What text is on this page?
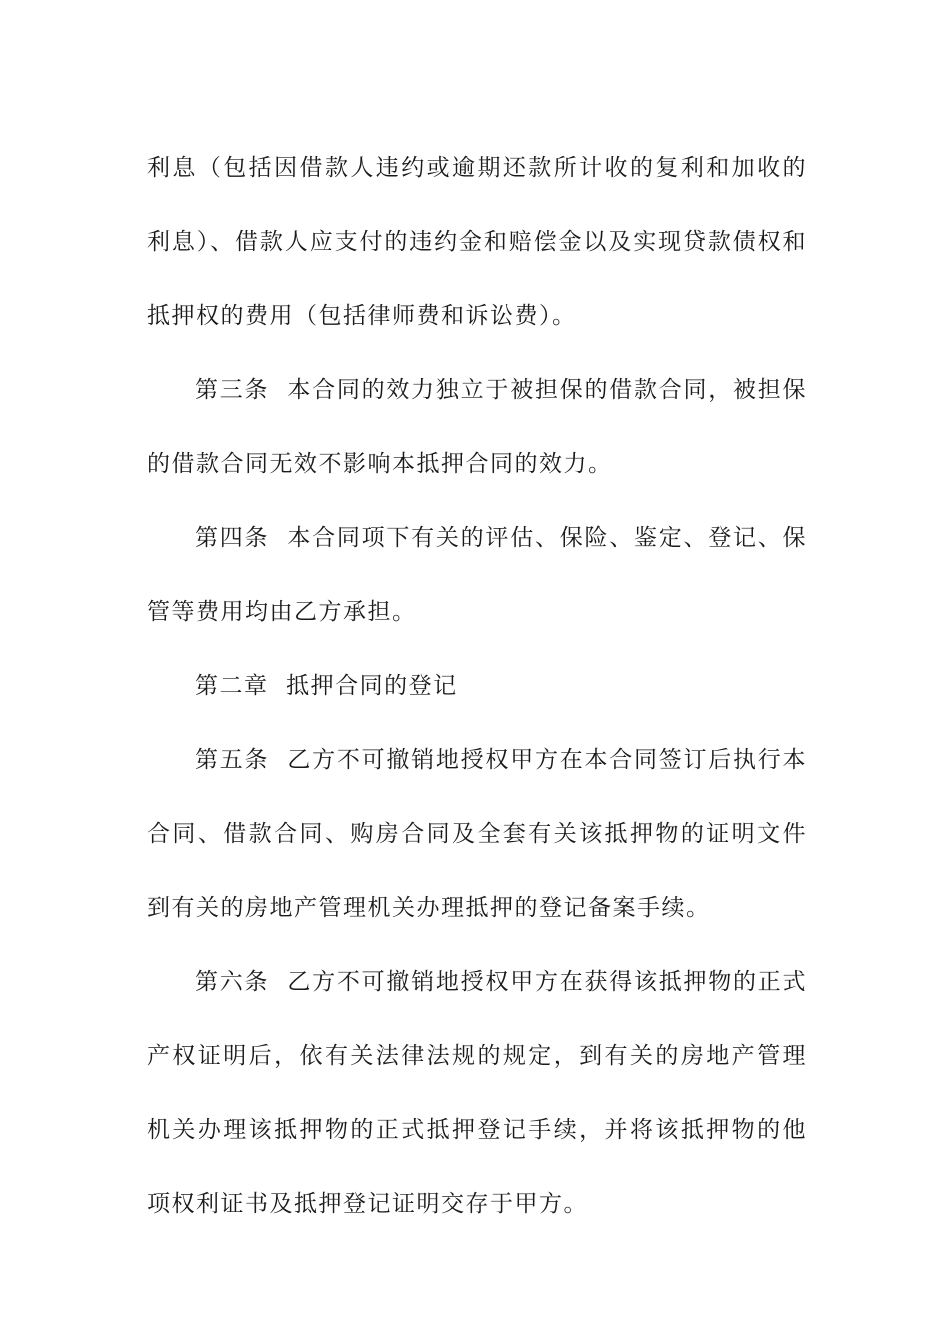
利息（包括因借款人违约或逾期还款所计收的复利和加收的利息）、借款人应支付的违约金和赔偿金以及实现贷款债权和抵押权的费用（包括律师费和诉讼费）。

第三条  本合同的效力独立于被担保的借款合同，被担保的借款合同无效不影响本抵押合同的效力。

第四条  本合同项下有关的评估、保险、鉴定、登记、保管等费用均由乙方承担。

第二章  抵押合同的登记

第五条  乙方不可撤销地授权甲方在本合同签订后执行本合同、借款合同、购房合同及全套有关该抵押物的证明文件到有关的房地产管理机关办理抵押的登记备案手续。

第六条  乙方不可撤销地授权甲方在获得该抵押物的正式产权证明后，依有关法律法规的规定，到有关的房地产管理机关办理该抵押物的正式抵押登记手续，并将该抵押物的他项权利证书及抵押登记证明交存于甲方。
